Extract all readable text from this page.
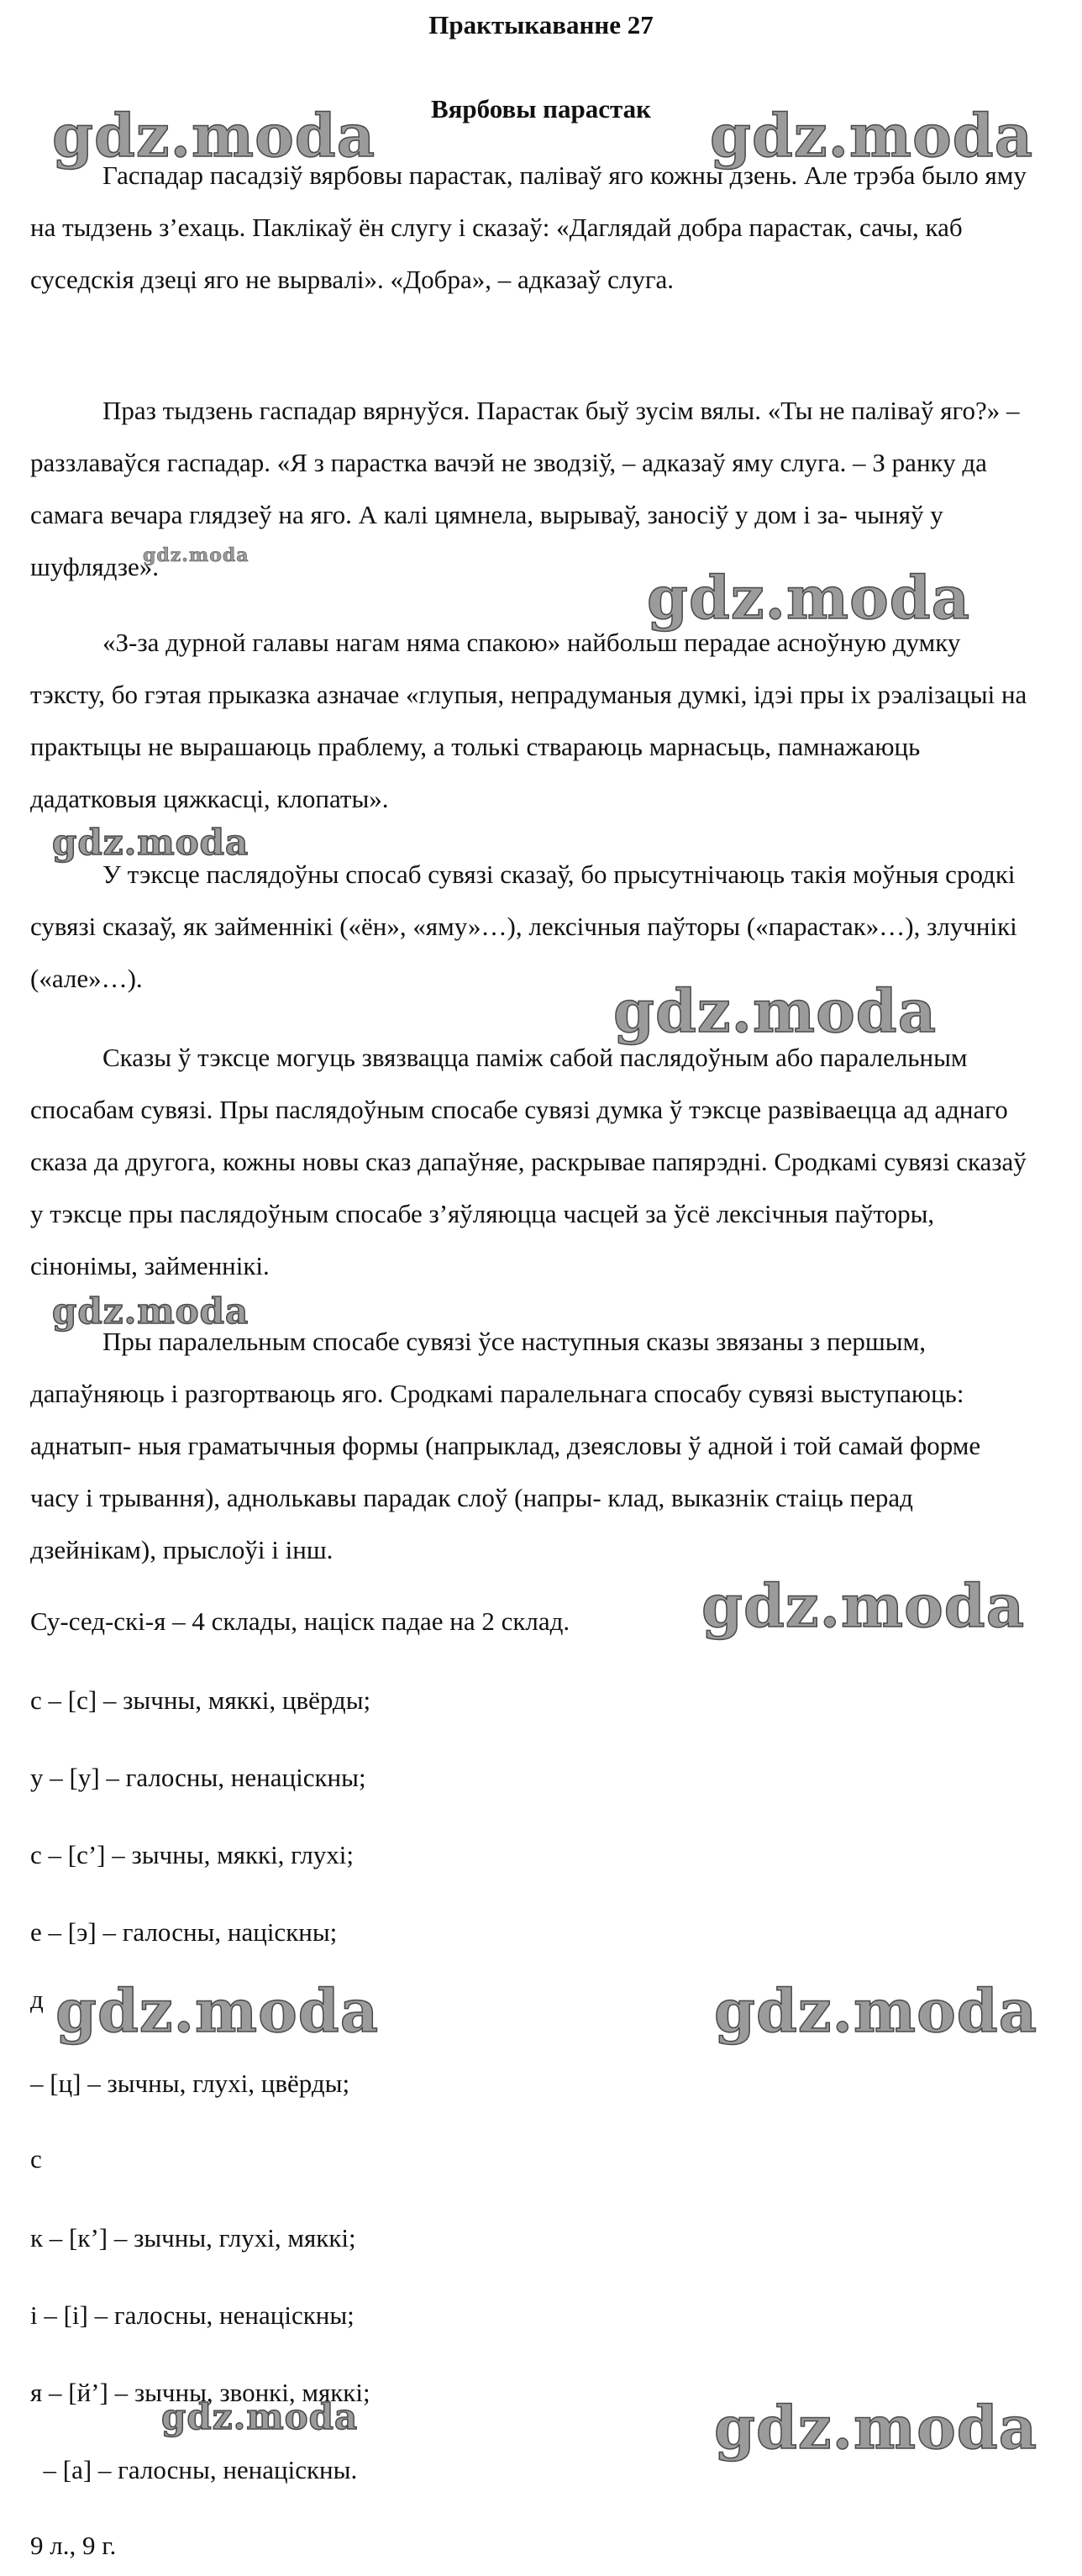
Практыкаванне 27
Вярбовы парастак

Гаспадар пасадзіў вярбовы парастак, палiваў яго кожны дзень. Але трэба было яму на тыдзень з’ехаць. Паклікаў ён слугу і сказаў: «Даглядай добра парастак, сачы, каб суседскiя дзецi яго не вырвалі». «Добра», – адказаў слуга.

Праз тыдзень гаспадар вярнуўся. Парастак быў зусім вялы. «Ты не палiваў яго?» – раззлаваўся гаспадар. «Я з парастка вачэй не зводзіў, – адказаў яму слуга. – З ранку да самага вечара глядзеў на яго. А калi цямнела, вырываў, заносiў у дом і за- чыняў у шуфлядзе».

«З-за дурной галавы нагам няма спакою» найбольш перадае асноўную думку тэксту, бо гэтая прыказка азначае «глупыя, непрадуманыя думкі, ідэі пры іх рэалізацыі на практыцы не вырашаюць праблему, а толькі ствараюць марнасьць, памнажаюць дадатковыя цяжкасці, клопаты».

У тэксце паслядоўны спосаб сувязі сказаў, бо прысутнічаюць такія моўныя сродкі сувязі сказаў, як займеннікі («ён», «яму»…), лексічныя паўторы («парастак»…), злучнікі («але»…).

Сказы ў тэксце могуць звязвацца паміж сабой паслядоўным або паралельным спосабам сувязі. Пры паслядоўным спосабе сувязі думка ў тэксце развіваецца ад аднаго сказа да другога, кожны новы сказ дапаўняе, раскрывае папярэдні. Сродкамі сувязі сказаў у тэксце пры паслядоўным спосабе з’яўляюцца часцей за ўсё лексічныя паўторы, сінонімы, займеннікі.

Пры паралельным спосабе сувязі ўсе наступныя сказы звязаны з першым, дапаўняюць і разгортваюць яго. Сродкамі паралельнага спосабу сувязі выступаюць: аднатып- ныя граматычныя формы (напрыклад, дзеясловы ў адной і той самай форме часу і трывання), аднолькавы парадак слоў (напры- клад, выказнік стаіць перад дзейнікам), прыслоўі і інш.

Су-сед-скі-я – 4 склады, націск падае на 2 склад.
с – [с] – зычны, мяккі, цвёрды;
у – [у] – галосны, ненаціскны;
с – [с’] – зычны, мяккі, глухі;
е – [э] – галосны, націскны;
д
– [ц] – зычны, глухі, цвёрды;
с
к – [к’] – зычны, глухі, мяккі;
і – [і] – галосны, ненаціскны;
я – [й’] – зычны, звонкі, мяккі;
– [а] – галосны, ненаціскны.
9 л., 9 г.
gdz.moda	gdz.moda
gdz.moda
gdz.moda
gdz.moda
gdz.moda
gdz.moda
gdz.moda
gdz.moda	gdz.moda
gdz.moda	gdz.moda
